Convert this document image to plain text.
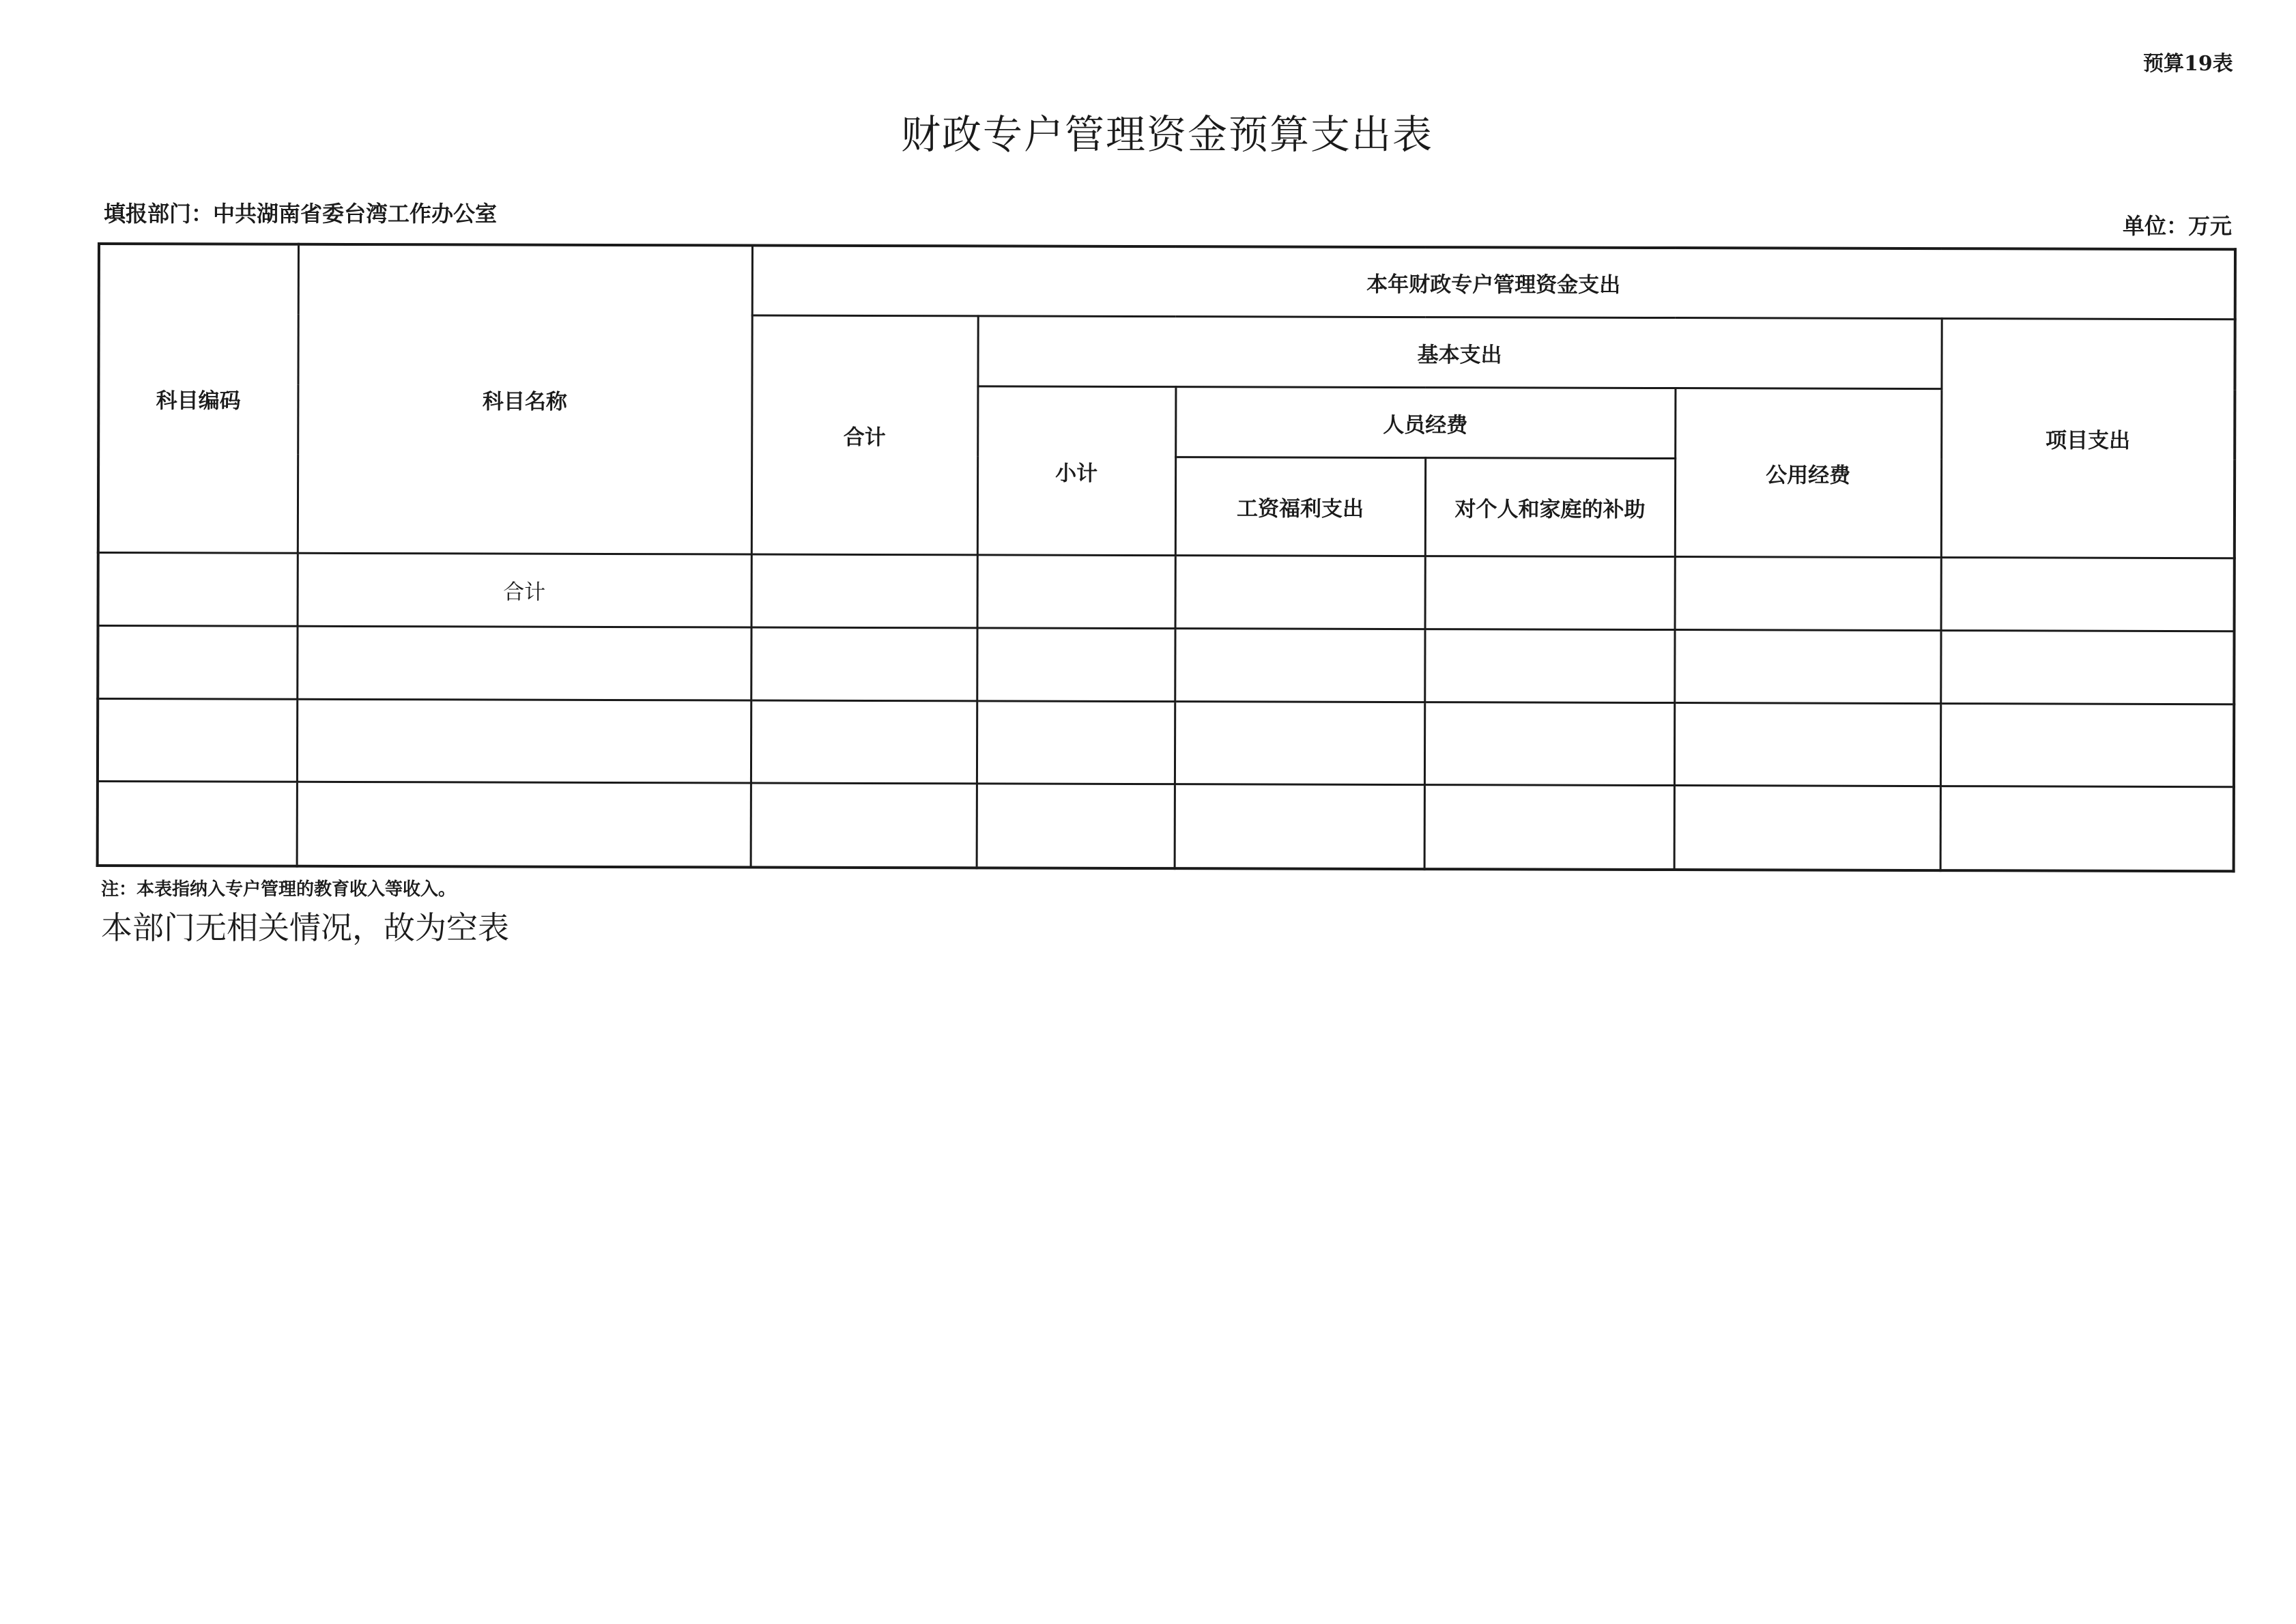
预算19表
财政专户管理资金预算支出表
填报部门：中共湖南省委台湾工作办公室	单位：万元
科目编码	科目名称	本年财政专户管理资金支出					
		合计	基本支出				项目支出
			小计	人员经费		公用经费	
				工资福利支出	对个人和家庭的补助		
	合计						

注：本表指纳入专户管理的教育收入等收入。
本部门无相关情况，故为空表
